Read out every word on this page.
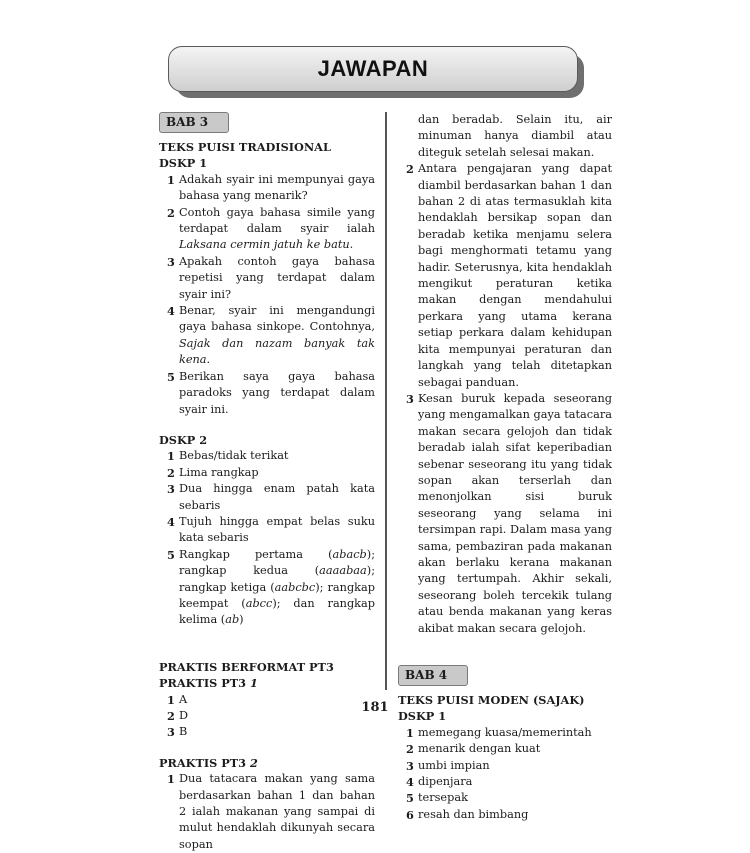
JAWAPAN
BAB 3
TEKS PUISI TRADISIONAL
DSKP 1
1 Adakah syair ini mempunyai gaya bahasa yang menarik?
2 Contoh gaya bahasa simile yang terdapat dalam syair ialah Laksana cermin jatuh ke batu.
3 Apakah contoh gaya bahasa repetisi yang terdapat dalam syair ini?
4 Benar, syair ini mengandungi gaya bahasa sinkope. Contohnya, Sajak dan nazam banyak tak kena.
5 Berikan saya gaya bahasa paradoks yang terdapat dalam syair ini.
DSKP 2
1 Bebas/tidak terikat
2 Lima rangkap
3 Dua hingga enam patah kata sebaris
4 Tujuh hingga empat belas suku kata sebaris
5 Rangkap pertama (abacb); rangkap kedua (aaaabaa); rangkap ketiga (aabcbc); rangkap keempat (abcc); dan rangkap kelima (ab)
PRAKTIS BERFORMAT PT3
PRAKTIS PT3 1
1 A
2 D
3 B
PRAKTIS PT3 2
1 Dua tatacara makan yang sama berdasarkan bahan 1 dan bahan 2 ialah makanan yang sampai di mulut hendaklah dikunyah secara sopan
dan beradab. Selain itu, air minuman hanya diambil atau diteguk setelah selesai makan.
2 Antara pengajaran yang dapat diambil berdasarkan bahan 1 dan bahan 2 di atas termasuklah kita hendaklah bersikap sopan dan beradab ketika menjamu selera bagi menghormati tetamu yang hadir. Seterusnya, kita hendaklah mengikut peraturan ketika makan dengan mendahului perkara yang utama kerana setiap perkara dalam kehidupan kita mempunyai peraturan dan langkah yang telah ditetapkan sebagai panduan.
3 Kesan buruk kepada seseorang yang mengamalkan gaya tatacara makan secara gelojoh dan tidak beradab ialah sifat keperibadian sebenar seseorang itu yang tidak sopan akan terserlah dan menonjolkan sisi buruk seseorang yang selama ini tersimpan rapi. Dalam masa yang sama, pembaziran pada makanan akan berlaku kerana makanan yang tertumpah. Akhir sekali, seseorang boleh tercekik tulang atau benda makanan yang keras akibat makan secara gelojoh.
BAB 4
TEKS PUISI MODEN (SAJAK)
DSKP 1
1 memegang kuasa/memerintah
2 menarik dengan kuat
3 umbi impian
4 dipenjara
5 tersepak
6 resah dan bimbang
181
